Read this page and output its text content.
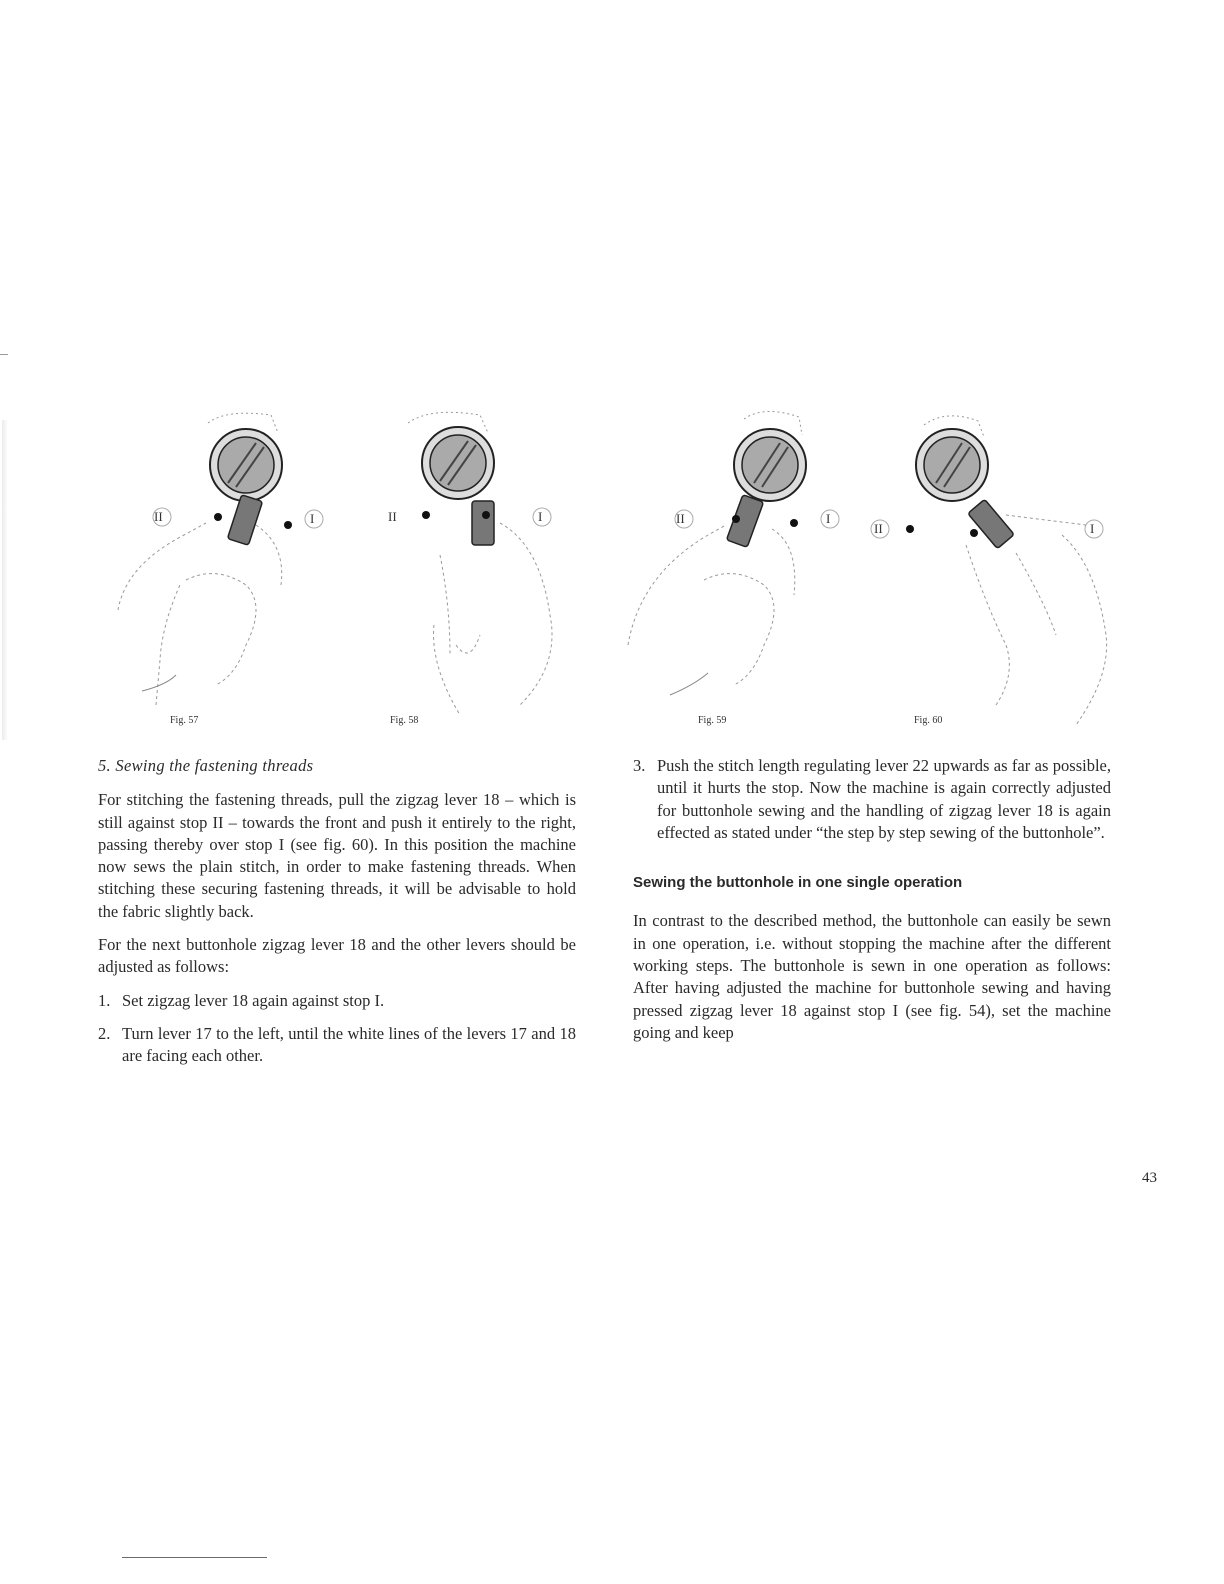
II	I
Fig. 57
II	I
Fig. 58
II	I
Fig. 59
II	I
Fig. 60

5. Sewing the fastening threads

For stitching the fastening threads, pull the zigzag lever 18 – which is still against stop II – towards the front and push it entirely to the right, passing thereby over stop I (see fig. 60). In this position the machine now sews the plain stitch, in order to make fastening threads. When stitching these securing fastening threads, it will be advisable to hold the fabric slightly back.

For the next buttonhole zigzag lever 18 and the other levers should be adjusted as follows:

1. Set zigzag lever 18 again against stop I.

2. Turn lever 17 to the left, until the white lines of the levers 17 and 18 are facing each other.

3. Push the stitch length regulating lever 22 upwards as far as possible, until it hurts the stop. Now the machine is again correctly adjusted for buttonhole sewing and the handling of zigzag lever 18 is again effected as stated under “the step by step sewing of the buttonhole”.

Sewing the buttonhole in one single operation

In contrast to the described method, the buttonhole can easily be sewn in one operation, i.e. without stopping the machine after the different working steps. The buttonhole is sewn in one operation as follows: After having adjusted the machine for buttonhole sewing and having pressed zigzag lever 18 against stop I (see fig. 54), set the machine going and keep

43
